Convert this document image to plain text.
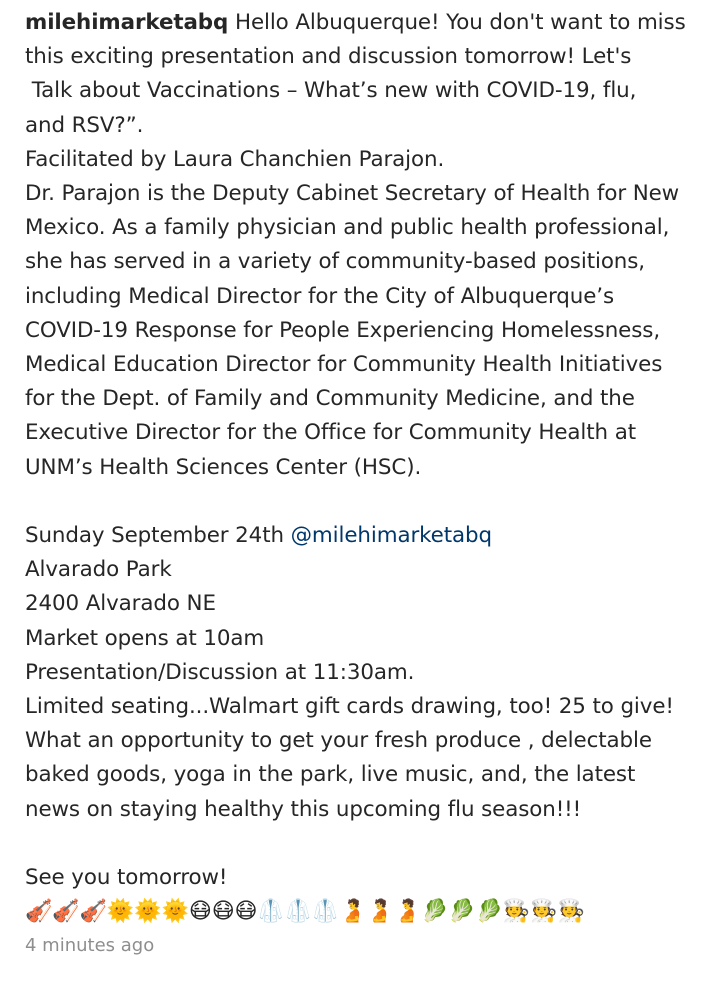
milehimarketabq Hello Albuquerque! You don't want to miss
this exciting presentation and discussion tomorrow! Let's
Talk about Vaccinations – What’s new with COVID-19, flu,
and RSV?”.
Facilitated by Laura Chanchien Parajon.
Dr. Parajon is the Deputy Cabinet Secretary of Health for New
Mexico. As a family physician and public health professional,
she has served in a variety of community-based positions,
including Medical Director for the City of Albuquerque’s
COVID-19 Response for People Experiencing Homelessness,
Medical Education Director for Community Health Initiatives
for the Dept. of Family and Community Medicine, and the
Executive Director for the Office for Community Health at
UNM’s Health Sciences Center (HSC).
Sunday September 24th @milehimarketabq
Alvarado Park
2400 Alvarado NE
Market opens at 10am
Presentation/Discussion at 11:30am.
Limited seating...Walmart gift cards drawing, too! 25 to give!
What an opportunity to get your fresh produce , delectable
baked goods, yoga in the park, live music, and, the latest
news on staying healthy this upcoming flu season!!!
See you tomorrow!
🎻🎻🎻🌞🌞🌞😷😷😷🥼🥼🥼🫄🫄🫄🥬🥬🥬🧑‍🍳🧑‍🍳🧑‍🍳
4 minutes ago
